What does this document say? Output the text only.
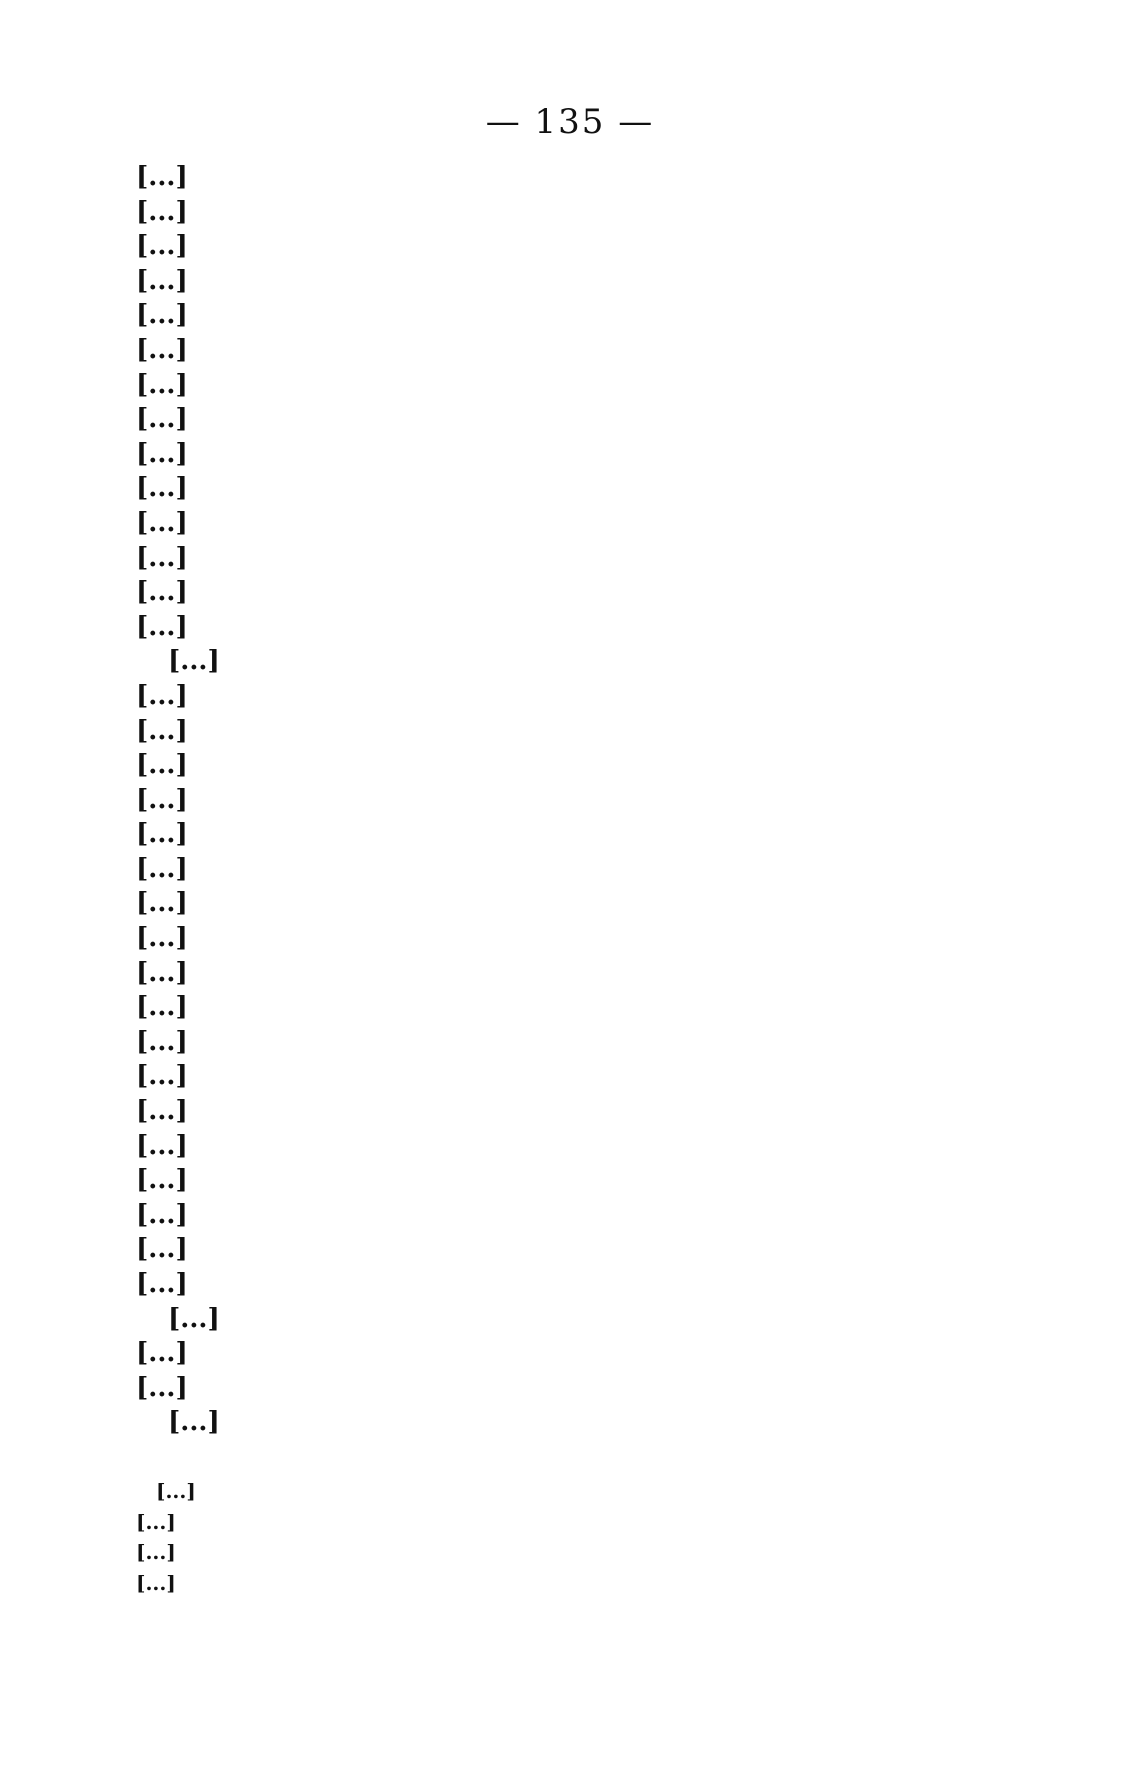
— 135 —

[...]
[...]
[...]
[...]
[...]
[...]
[...]
[...]
[...]
[...]
[...]
[...]
[...]
[...]

[...]
[...]
[...]
[...]
[...]
[...]
[...]
[...]
[...]
[...]
[...]
[...]
[...]
[...]
[...]
[...]
[...]
[...]
[...]

[...]
[...]
[...]

[...]

[...]
[...]
[...]
[...]
